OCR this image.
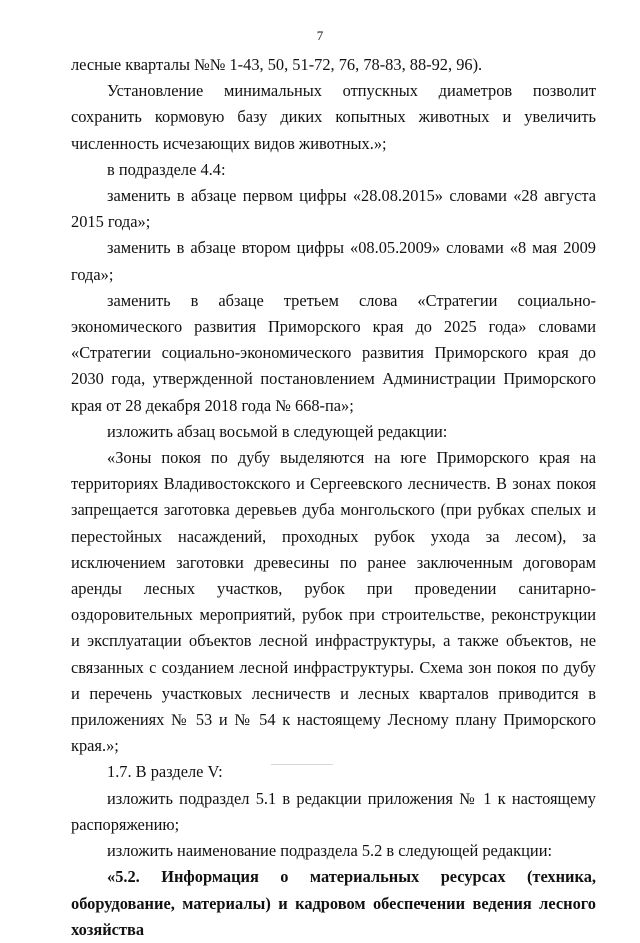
7

лесные кварталы №№ 1-43, 50, 51-72, 76, 78-83, 88-92, 96).

Установление минимальных отпускных диаметров позволит сохранить кормовую базу диких копытных животных и увеличить численность исчезающих видов животных.»;

в подразделе 4.4:

заменить в абзаце первом цифры «28.08.2015» словами «28 августа 2015 года»;

заменить в абзаце втором цифры «08.05.2009» словами «8 мая 2009 года»;

заменить в абзаце третьем слова «Стратегии социально-экономического развития Приморского края до 2025 года» словами «Стратегии социально-экономического развития Приморского края до 2030 года, утвержденной постановлением Администрации Приморского края от 28 декабря 2018 года № 668-па»;

изложить абзац восьмой в следующей редакции:

«Зоны покоя по дубу выделяются на юге Приморского края на территориях Владивостокского и Сергеевского лесничеств. В зонах покоя запрещается заготовка деревьев дуба монгольского (при рубках спелых и перестойных насаждений, проходных рубок ухода за лесом), за исключением заготовки древесины по ранее заключенным договорам аренды лесных участков, рубок при проведении санитарно-оздоровительных мероприятий, рубок при строительстве, реконструкции и эксплуатации объектов лесной инфраструктуры, а также объектов, не связанных с созданием лесной инфраструктуры. Схема зон покоя по дубу и перечень участковых лесничеств и лесных кварталов приводится в приложениях № 53 и № 54 к настоящему Лесному плану Приморского края.»;

1.7. В разделе V:

изложить подраздел 5.1 в редакции приложения № 1 к настоящему распоряжению;

изложить наименование подраздела 5.2 в следующей редакции:

«5.2. Информация о материальных ресурсах (техника, оборудование, материалы) и кадровом обеспечении ведения лесного хозяйства
